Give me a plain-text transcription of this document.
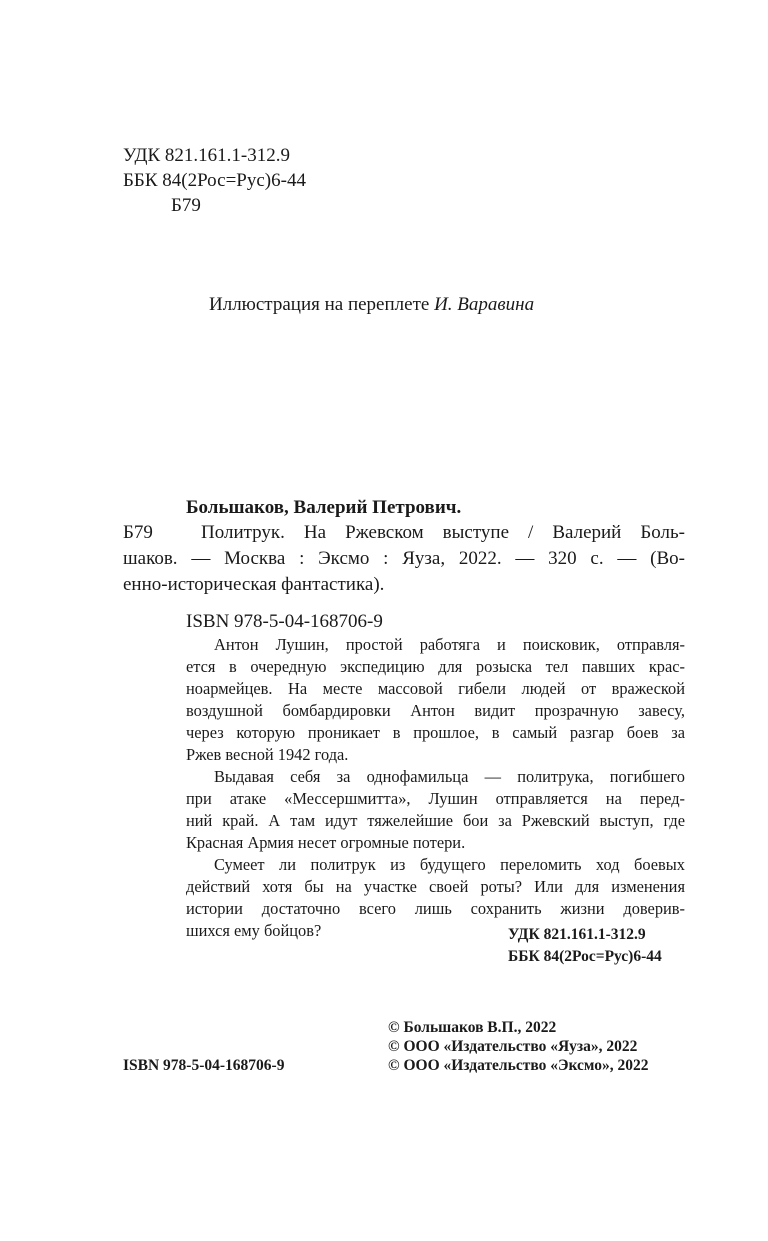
УДК 821.161.1-312.9
ББК 84(2Рос=Рус)6-44
Б79
Иллюстрация на переплете И. Варавина
Большаков, Валерий Петрович.
Б79	Политрук. На Ржевском выступе / Валерий Боль-
шаков. — Москва : Эксмо : Яуза, 2022. — 320 с. — (Во-
енно-историческая фантастика).
ISBN 978-5-04-168706-9
Антон Лушин, простой работяга и поисковик, отправля-
ется в очередную экспедицию для розыска тел павших крас-
ноармейцев. На месте массовой гибели людей от вражеской
воздушной бомбардировки Антон видит прозрачную завесу,
через которую проникает в прошлое, в самый разгар боев за
Ржев весной 1942 года.
Выдавая себя за однофамильца — политрука, погибшего
при атаке «Мессершмитта», Лушин отправляется на перед-
ний край. А там идут тяжелейшие бои за Ржевский выступ, где
Красная Армия несет огромные потери.
Сумеет ли политрук из будущего переломить ход боевых
действий хотя бы на участке своей роты? Или для изменения
истории достаточно всего лишь сохранить жизни доверив-
шихся ему бойцов?	УДК 821.161.1-312.9
ББК 84(2Рос=Рус)6-44
© Большаков В.П., 2022
© ООО «Издательство «Яуза», 2022
© ООО «Издательство «Эксмо», 2022
ISBN 978-5-04-168706-9
